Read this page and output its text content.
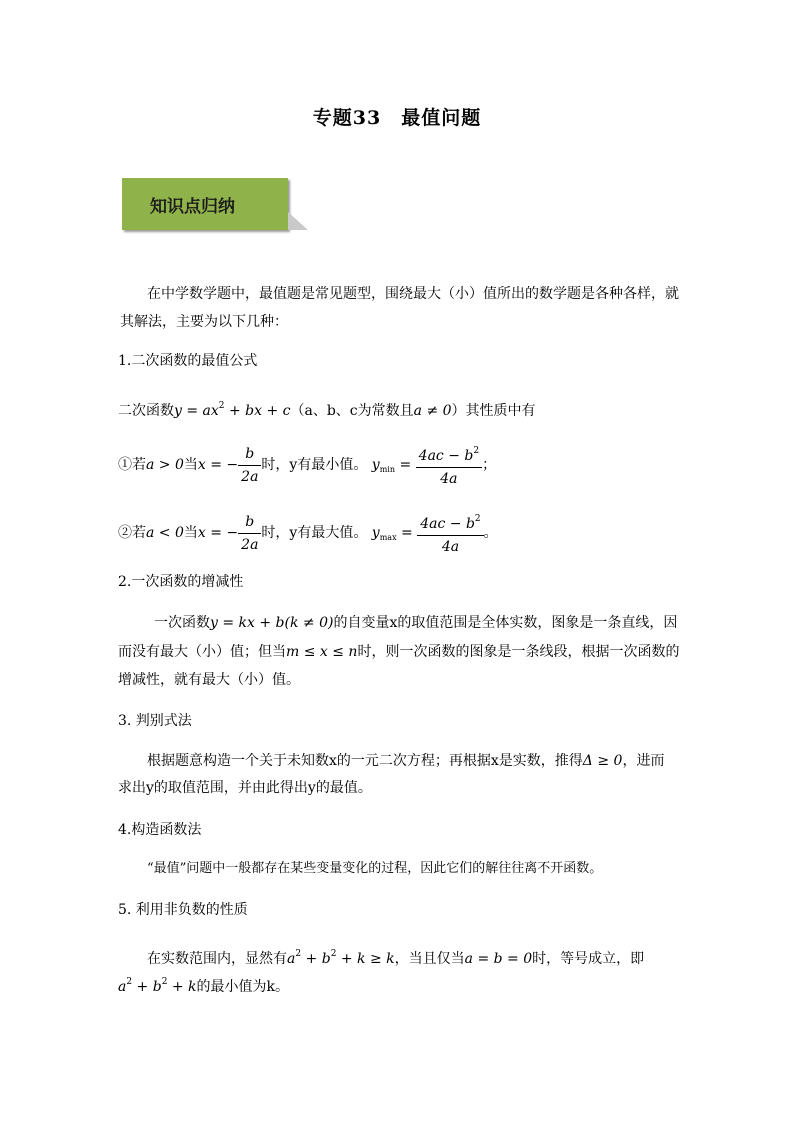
专题33　最值问题
知识点归纳
在中学数学题中，最值题是常见题型，围绕最大（小）值所出的数学题是各种各样，就
其解法，主要为以下几种：
1.二次函数的最值公式
二次函数$y = ax^2$ + bx + c（a、b、c为常数且a ≠ 0）其性质中有
①若a > 0当x = − $\frac{b}{2a}$ 时，y有最小值。 $y_{min} = \frac{4ac - b^2}{4a}$ ；
②若a < 0当x = − $\frac{b}{2a}$ 时，y有最大值。 $y_{max} = \frac{4ac - b^2}{4a}$ 。
2.一次函数的增减性
一次函数y = kx + b(k ≠ 0)的自变量x的取值范围是全体实数，图象是一条直线，因
而没有最大（小）值；但当m ≤ x ≤ n时，则一次函数的图象是一条线段，根据一次函数的
增减性，就有最大（小）值。
3. 判别式法
根据题意构造一个关于未知数x的一元二次方程；再根据x是实数，推得Δ ≥ 0，进而
求出y的取值范围，并由此得出y的最值。
4.构造函数法
“最值”问题中一般都存在某些变量变化的过程，因此它们的解往往离不开函数。
5. 利用非负数的性质
在实数范围内，显然有$a^2 + b^2 + k \ge k$，当且仅当a = b = 0时，等号成立，即
$a^2 + b^2 + k$的最小值为k。
